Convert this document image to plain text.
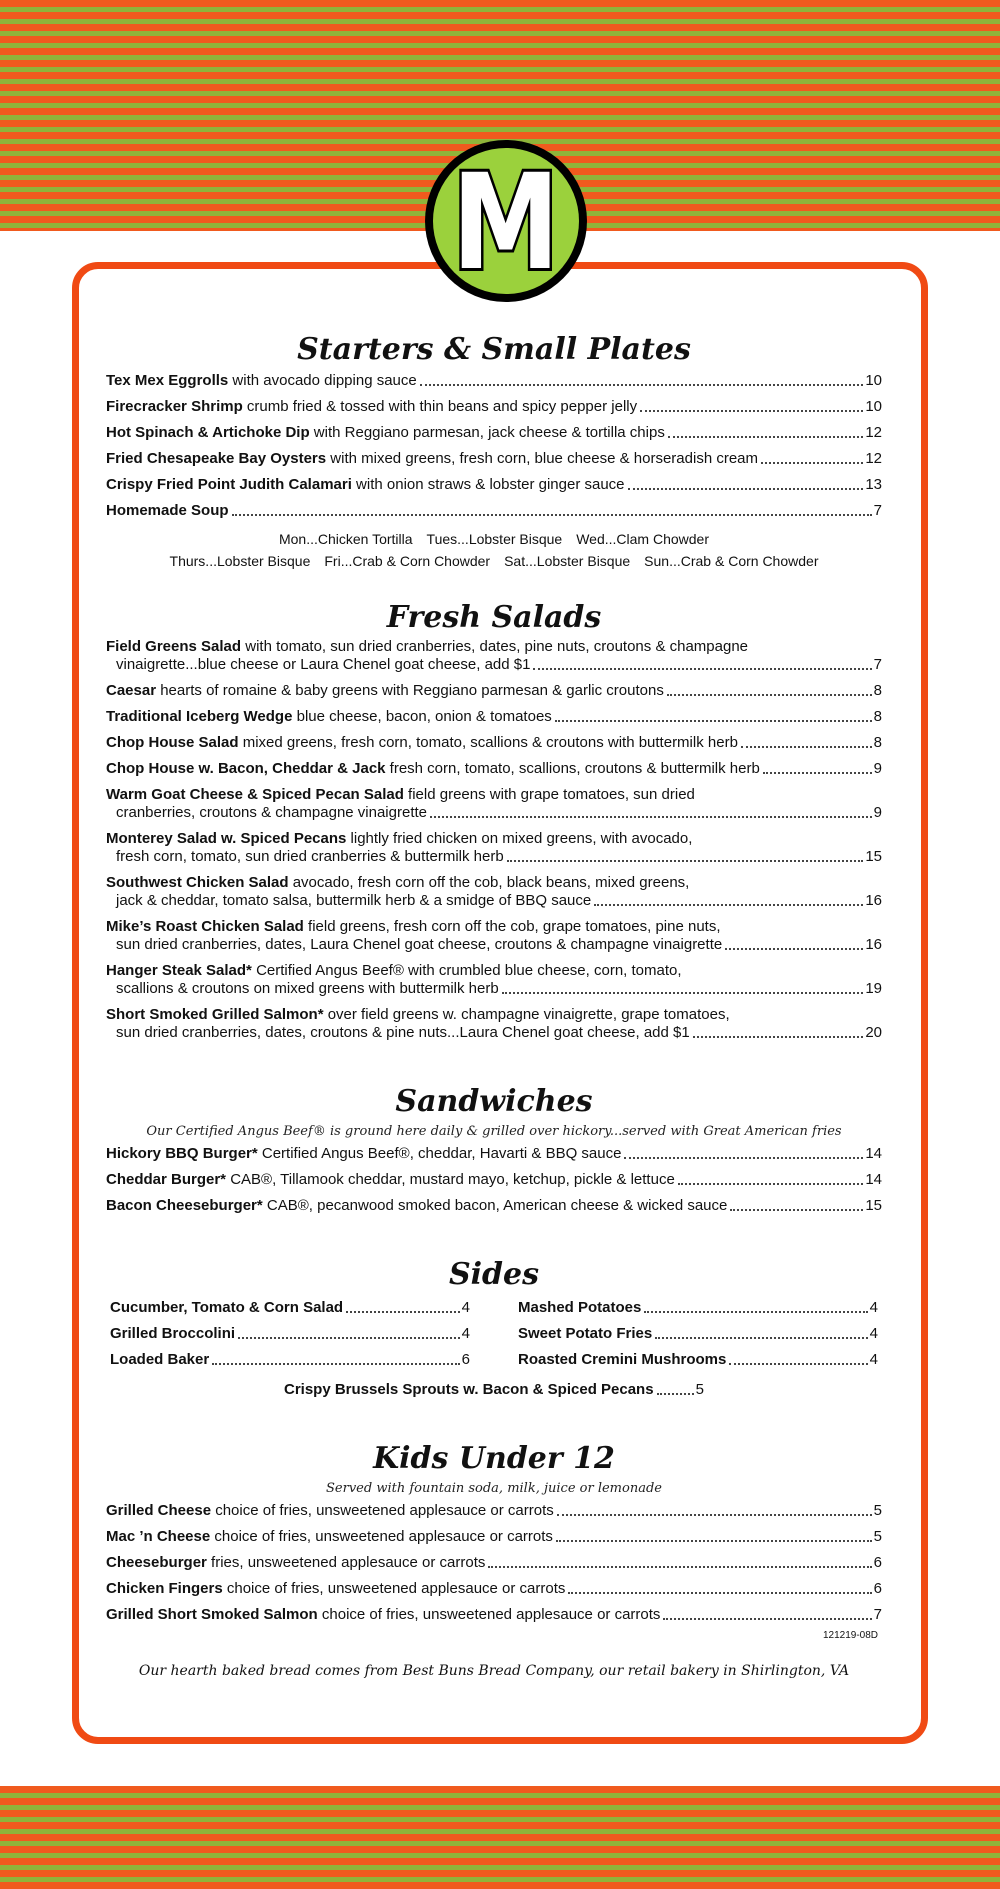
M
Starters & Small Plates
Tex Mex Eggrolls with avocado dipping sauce	10
Firecracker Shrimp crumb fried & tossed with thin beans and spicy pepper jelly	10
Hot Spinach & Artichoke Dip with Reggiano parmesan, jack cheese & tortilla chips	12
Fried Chesapeake Bay Oysters with mixed greens, fresh corn, blue cheese & horseradish cream	12
Crispy Fried Point Judith Calamari with onion straws & lobster ginger sauce	13
Homemade Soup	7
Mon...Chicken Tortilla Tues...Lobster Bisque Wed...Clam Chowder
Thurs...Lobster Bisque Fri...Crab & Corn Chowder Sat...Lobster Bisque Sun...Crab & Corn Chowder
Fresh Salads
Field Greens Salad with tomato, sun dried cranberries, dates, pine nuts, croutons & champagne
vinaigrette...blue cheese or Laura Chenel goat cheese, add $1	7
Caesar hearts of romaine & baby greens with Reggiano parmesan & garlic croutons	8
Traditional Iceberg Wedge blue cheese, bacon, onion & tomatoes	8
Chop House Salad mixed greens, fresh corn, tomato, scallions & croutons with buttermilk herb	8
Chop House w. Bacon, Cheddar & Jack fresh corn, tomato, scallions, croutons & buttermilk herb	9
Warm Goat Cheese & Spiced Pecan Salad field greens with grape tomatoes, sun dried
cranberries, croutons & champagne vinaigrette	9
Monterey Salad w. Spiced Pecans lightly fried chicken on mixed greens, with avocado,
fresh corn, tomato, sun dried cranberries & buttermilk herb	15
Southwest Chicken Salad avocado, fresh corn off the cob, black beans, mixed greens,
jack & cheddar, tomato salsa, buttermilk herb & a smidge of BBQ sauce	16
Mike’s Roast Chicken Salad field greens, fresh corn off the cob, grape tomatoes, pine nuts,
sun dried cranberries, dates, Laura Chenel goat cheese, croutons & champagne vinaigrette	16
Hanger Steak Salad* Certified Angus Beef® with crumbled blue cheese, corn, tomato,
scallions & croutons on mixed greens with buttermilk herb	19
Short Smoked Grilled Salmon* over field greens w. champagne vinaigrette, grape tomatoes,
sun dried cranberries, dates, croutons & pine nuts...Laura Chenel goat cheese, add $1	20
Sandwiches
Our Certified Angus Beef® is ground here daily & grilled over hickory...served with Great American fries
Hickory BBQ Burger* Certified Angus Beef®, cheddar, Havarti & BBQ sauce	14
Cheddar Burger* CAB®, Tillamook cheddar, mustard mayo, ketchup, pickle & lettuce	14
Bacon Cheeseburger* CAB®, pecanwood smoked bacon, American cheese & wicked sauce	15
Sides
Cucumber, Tomato & Corn Salad	4
Grilled Broccolini	4
Loaded Baker	6
Mashed Potatoes	4
Sweet Potato Fries	4
Roasted Cremini Mushrooms	4
Crispy Brussels Sprouts w. Bacon & Spiced Pecans	5
Kids Under 12
Served with fountain soda, milk, juice or lemonade
Grilled Cheese choice of fries, unsweetened applesauce or carrots	5
Mac ’n Cheese choice of fries, unsweetened applesauce or carrots	5
Cheeseburger fries, unsweetened applesauce or carrots	6
Chicken Fingers choice of fries, unsweetened applesauce or carrots	6
Grilled Short Smoked Salmon choice of fries, unsweetened applesauce or carrots	7
121219-08D
Our hearth baked bread comes from Best Buns Bread Company, our retail bakery in Shirlington, VA
